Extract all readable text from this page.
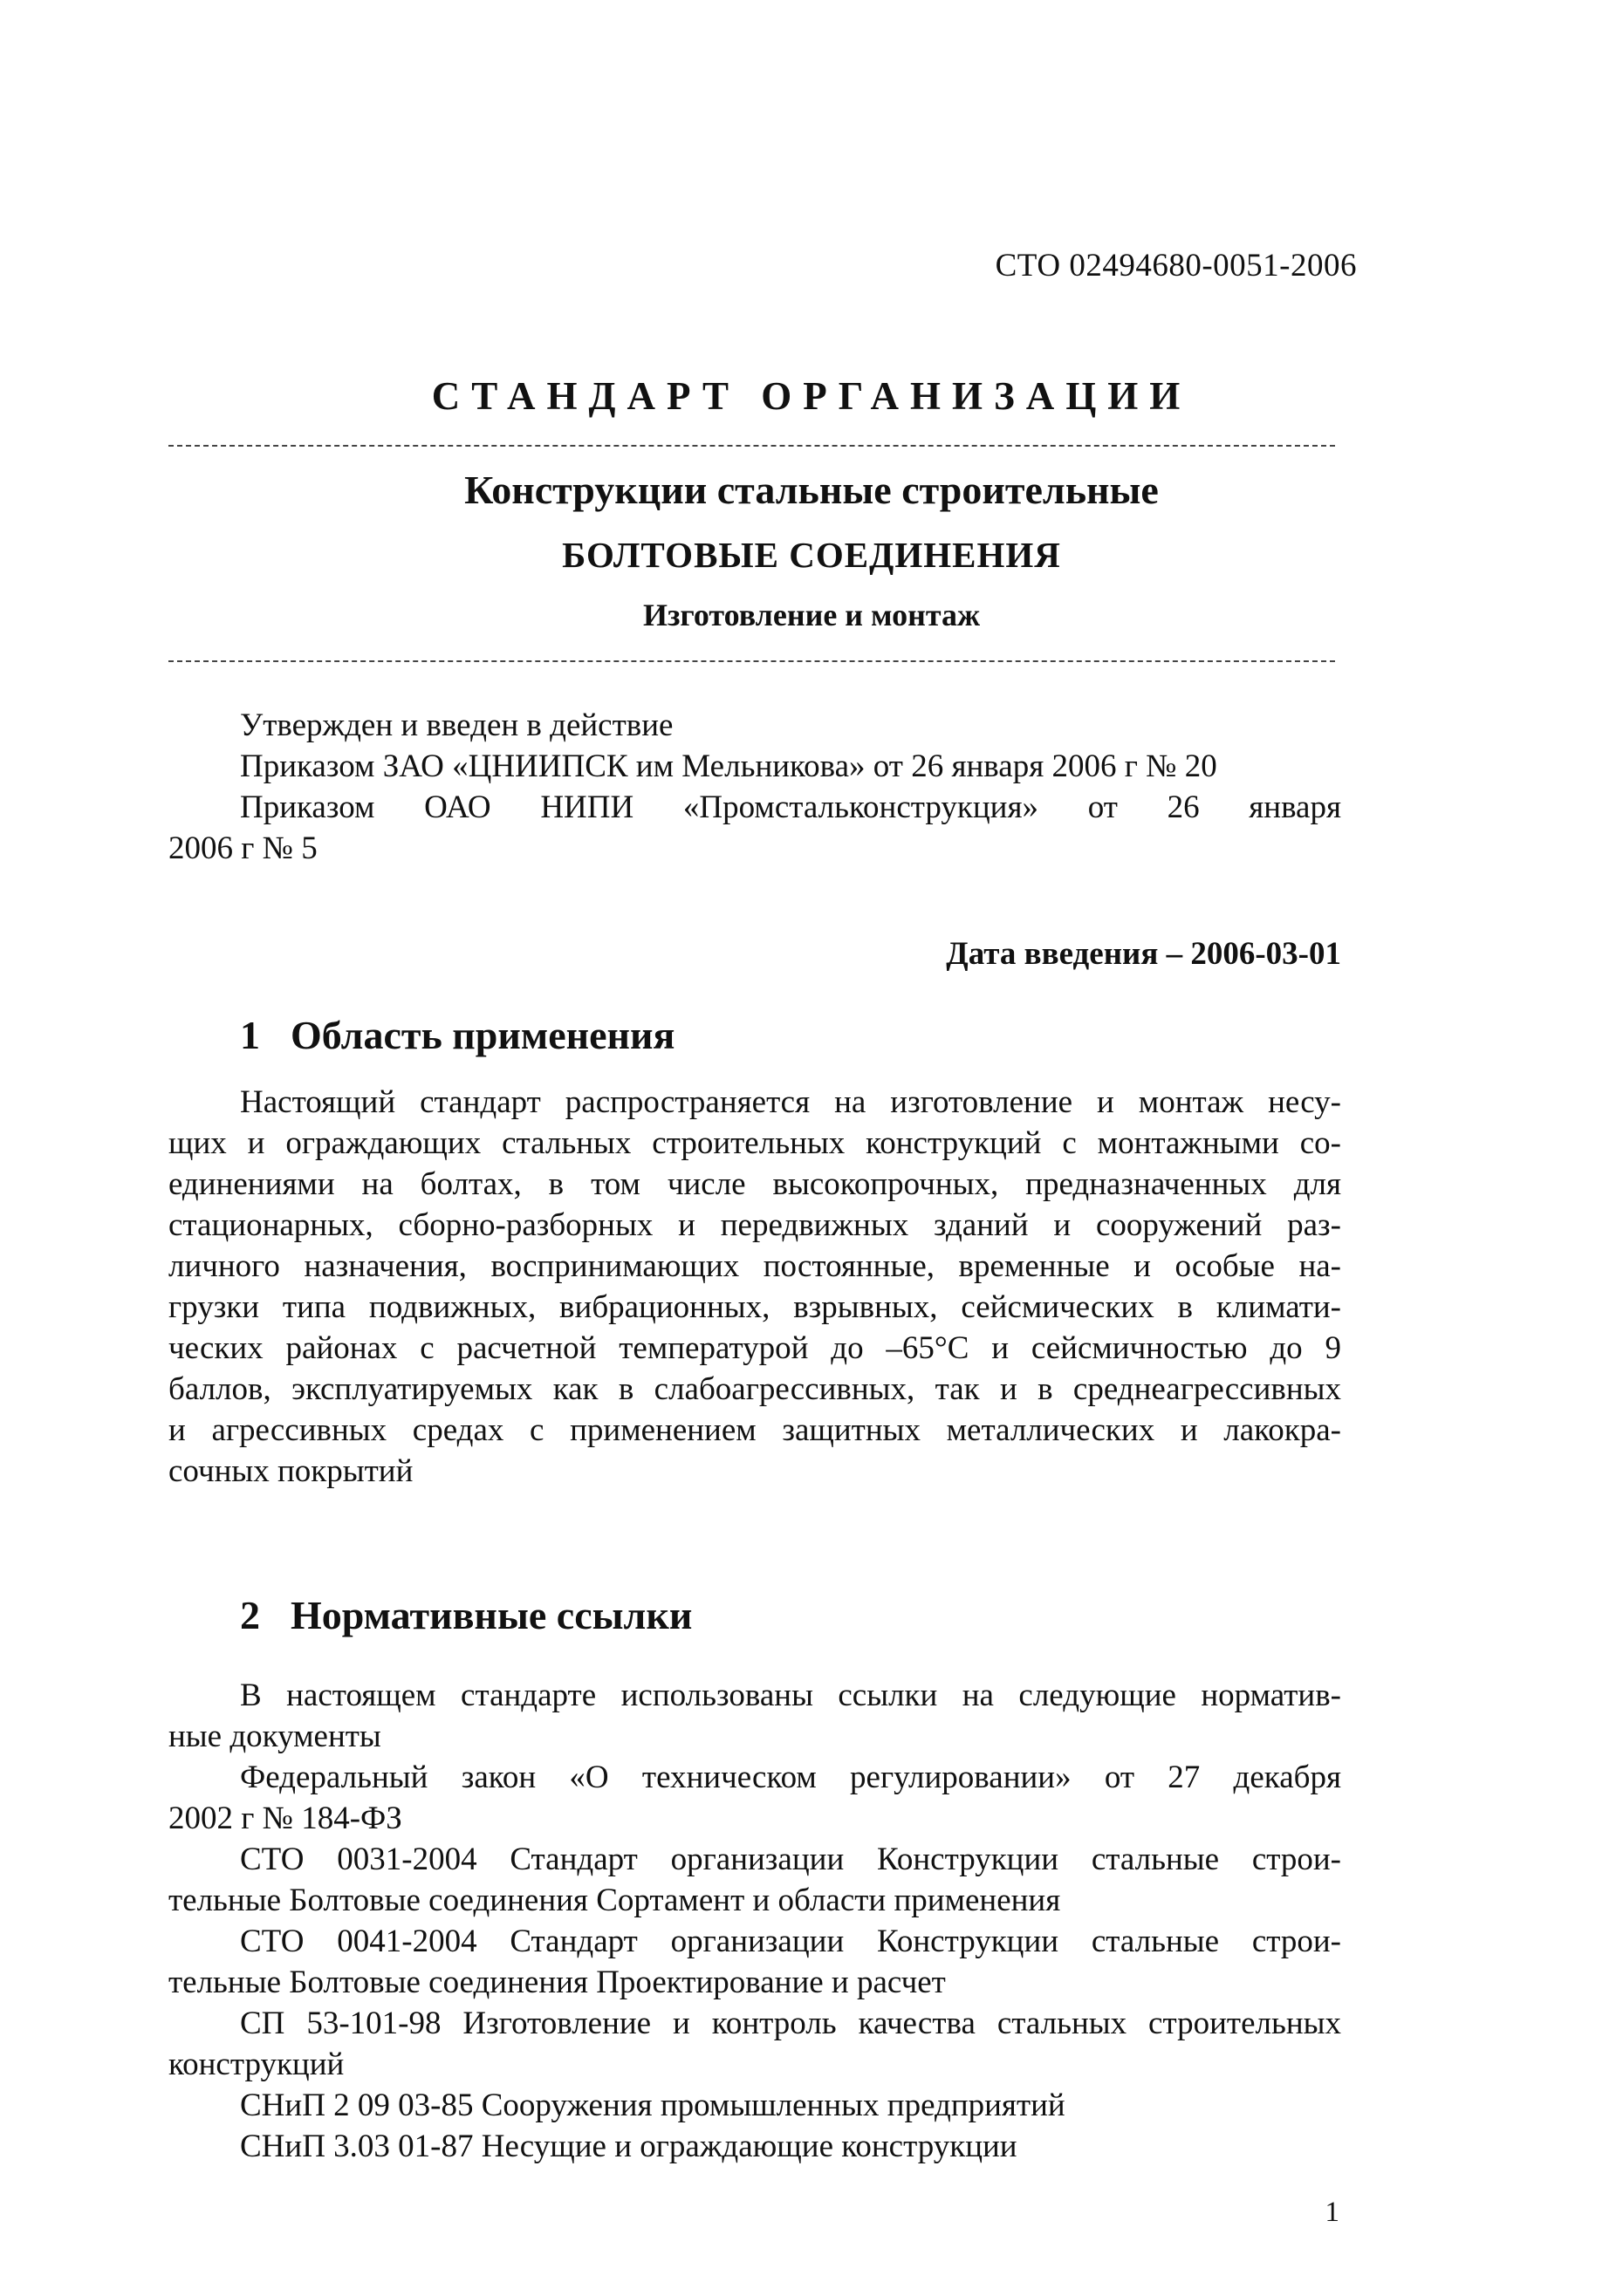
СТО 02494680-0051-2006
СТАНДАРТ ОРГАНИЗАЦИИ
Конструкции стальные строительные
БОЛТОВЫЕ СОЕДИНЕНИЯ
Изготовление и монтаж
Утвержден и введен в действие
Приказом ЗАО «ЦНИИПСК им Мельникова» от 26 января 2006 г № 20
Приказом ОАО НИПИ «Промстальконструкция» от 26 января
2006 г № 5
Дата введения – 2006-03-01
1 Область применения

Настоящий стандарт распространяется на изготовление и монтаж несу-

щих и ограждающих стальных строительных конструкций с монтажными со-

единениями на болтах, в том числе высокопрочных, предназначенных для

стационарных, сборно-разборных и передвижных зданий и сооружений раз-

личного назначения, воспринимающих постоянные, временные и особые на-

грузки типа подвижных, вибрационных, взрывных, сейсмических в климати-

ческих районах с расчетной температурой до –65°С и сейсмичностью до 9

баллов, эксплуатируемых как в слабоагрессивных, так и в среднеагрессивных

и агрессивных средах с применением защитных металлических и лакокра-

сочных покрытий

2 Нормативные ссылки

В настоящем стандарте использованы ссылки на следующие норматив-

ные документы

Федеральный закон «О техническом регулировании» от 27 декабря

2002 г № 184-ФЗ

СТО 0031-2004 Стандарт организации Конструкции стальные строи-

тельные Болтовые соединения Сортамент и области применения

СТО 0041-2004 Стандарт организации Конструкции стальные строи-

тельные Болтовые соединения Проектирование и расчет

СП 53-101-98 Изготовление и контроль качества стальных строительных

конструкций

СНиП 2 09 03-85 Сооружения промышленных предприятий

СНиП 3.03 01-87 Несущие и ограждающие конструкции

1
